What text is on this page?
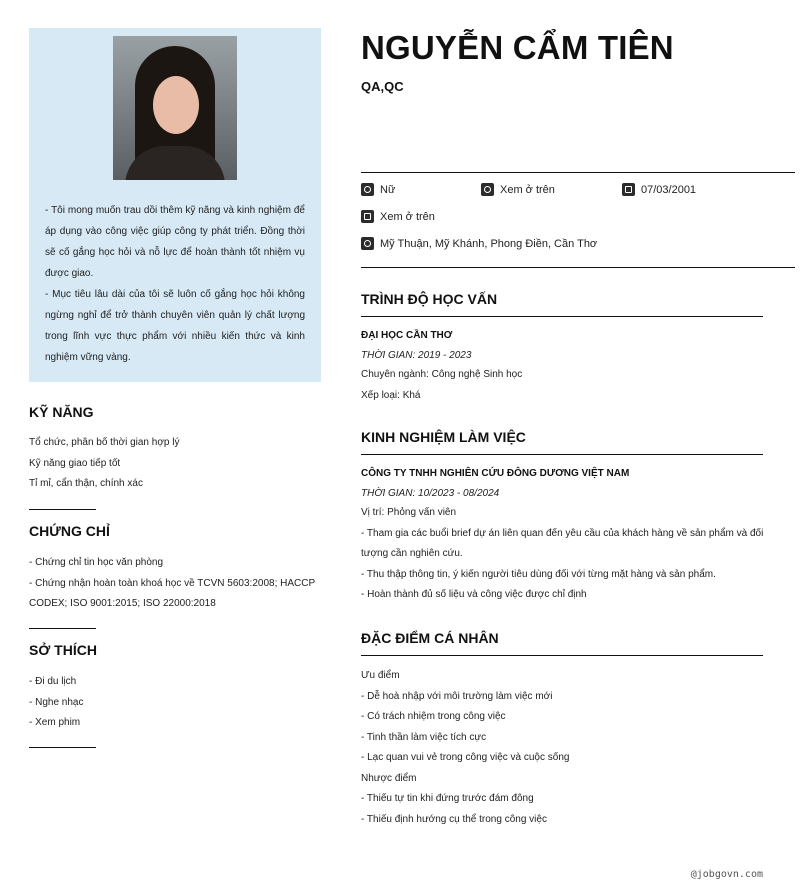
- Tôi mong muốn trau dồi thêm kỹ năng và kinh nghiệm để áp dụng vào công việc giúp công ty phát triển. Đồng thời sẽ cố gắng học hỏi và nỗ lực để hoàn thành tốt nhiệm vụ được giao.

- Mục tiêu lâu dài của tôi sẽ luôn cố gắng học hỏi không ngừng nghỉ để trở thành chuyên viên quản lý chất lượng trong lĩnh vực thực phẩm với nhiều kiến thức và kinh nghiệm vững vàng.

KỸ NĂNG
Tổ chức, phân bố thời gian hợp lý
Kỹ năng giao tiếp tốt
Tỉ mỉ, cẩn thận, chính xác
CHỨNG CHỈ
- Chứng chỉ tin học văn phòng
- Chứng nhận hoàn toàn khoá học về TCVN 5603:2008; HACCP CODEX; ISO 9001:2015; ISO 22000:2018
SỞ THÍCH
- Đi du lịch
- Nghe nhạc
- Xem phim
NGUYỄN CẨM TIÊN
QA,QC
Nữ	Xem ở trên	07/03/2001
Xem ở trên
Mỹ Thuận, Mỹ Khánh, Phong Điền, Cần Thơ
TRÌNH ĐỘ HỌC VẤN
ĐẠI HỌC CẦN THƠ
THỜI GIAN: 2019 - 2023
Chuyên ngành: Công nghệ Sinh học
Xếp loại: Khá
KINH NGHIỆM LÀM VIỆC
CÔNG TY TNHH NGHIÊN CỨU ĐÔNG DƯƠNG VIỆT NAM
THỜI GIAN: 10/2023 - 08/2024
Vị trí: Phỏng vấn viên
- Tham gia các buổi brief dự án liên quan đến yêu cầu của khách hàng về sản phẩm và đối tượng cần nghiên cứu.
- Thu thập thông tin, ý kiến người tiêu dùng đối với từng mặt hàng và sản phẩm.
- Hoàn thành đủ số liệu và công việc được chỉ định
ĐẶC ĐIỂM CÁ NHÂN
Ưu điểm
- Dễ hoà nhập với môi trường làm việc mới
- Có trách nhiệm trong công việc
- Tinh thần làm việc tích cực
- Lạc quan vui vẻ trong công việc và cuộc sống
Nhược điểm
- Thiếu tự tin khi đứng trước đám đông
- Thiếu định hướng cụ thể trong công việc
@jobgovn.com
